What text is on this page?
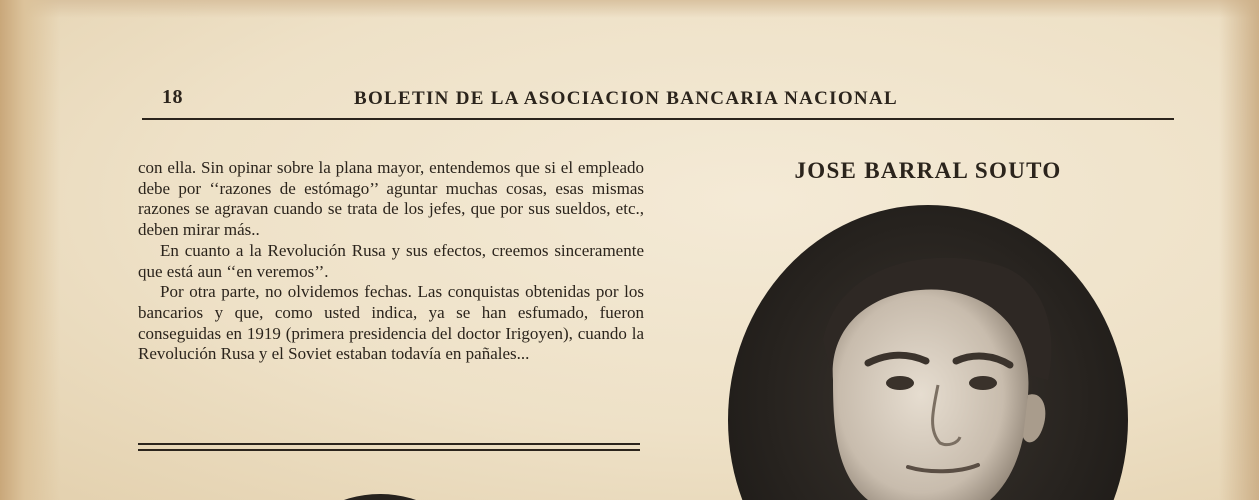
18	BOLETIN DE LA ASOCIACION BANCARIA NACIONAL

con ella. Sin opinar sobre la plana mayor, entendemos que si el empleado debe por ‘‘razones de estómago’’ aguntar muchas cosas, esas mismas razones se agravan cuando se trata de los jefes, que por sus sueldos, etc., deben mirar más..

En cuanto a la Revolución Rusa y sus efectos, creemos sinceramente que está aun ‘‘en veremos’’.

Por otra parte, no olvidemos fechas. Las conquistas obtenidas por los bancarios y que, como usted indica, ya se han esfumado, fueron conseguidas en 1919 (primera presidencia del doctor Irigoyen), cuando la Revolución Rusa y el Soviet estaban todavía en pañales...

JOSE BARRAL SOUTO
